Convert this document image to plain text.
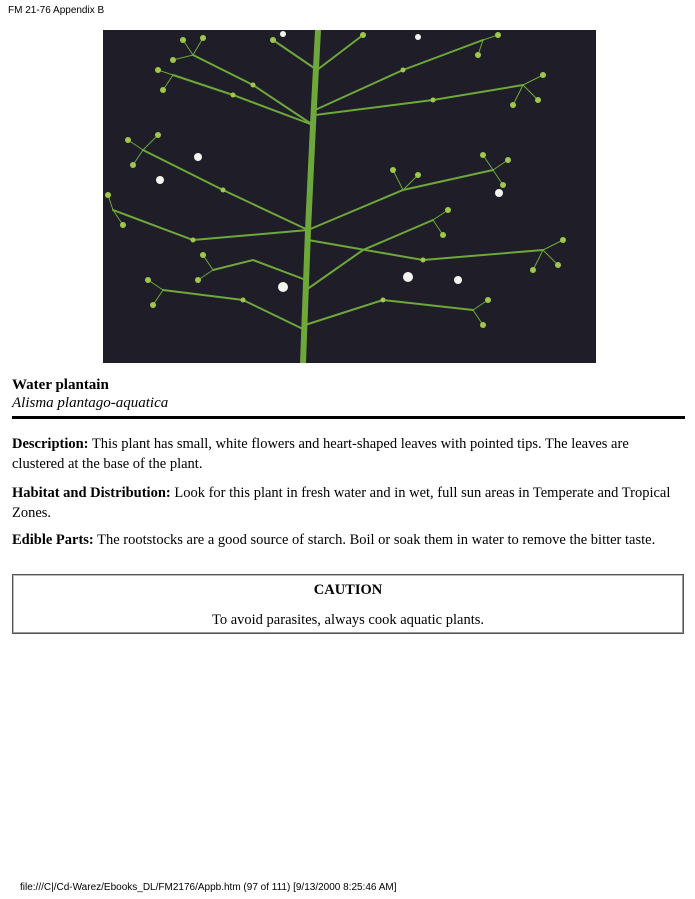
FM 21-76 Appendix B
Water plantain
Alisma plantago-aquatica
Description: This plant has small, white flowers and heart-shaped leaves with pointed tips. The leaves are clustered at the base of the plant.
Habitat and Distribution: Look for this plant in fresh water and in wet, full sun areas in Temperate and Tropical Zones.
Edible Parts: The rootstocks are a good source of starch. Boil or soak them in water to remove the bitter taste.
CAUTION
To avoid parasites, always cook aquatic plants.
file:///C|/Cd-Warez/Ebooks_DL/FM2176/Appb.htm (97 of 111) [9/13/2000 8:25:46 AM]
